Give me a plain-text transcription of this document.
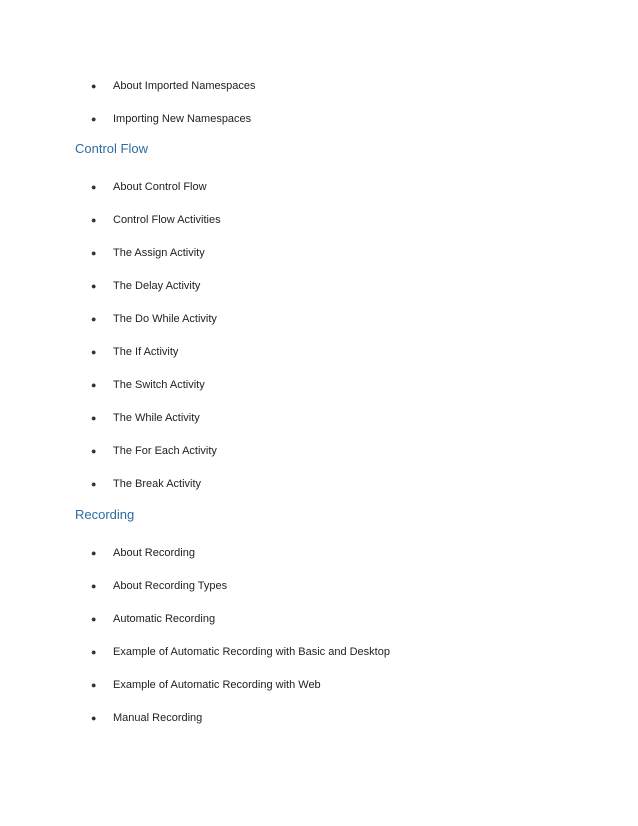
● About Imported Namespaces
● Importing New Namespaces
Control Flow
● About Control Flow
● Control Flow Activities
● The Assign Activity
● The Delay Activity
● The Do While Activity
● The If Activity
● The Switch Activity
● The While Activity
● The For Each Activity
● The Break Activity
Recording
● About Recording
● About Recording Types
● Automatic Recording
● Example of Automatic Recording with Basic and Desktop
● Example of Automatic Recording with Web
● Manual Recording
